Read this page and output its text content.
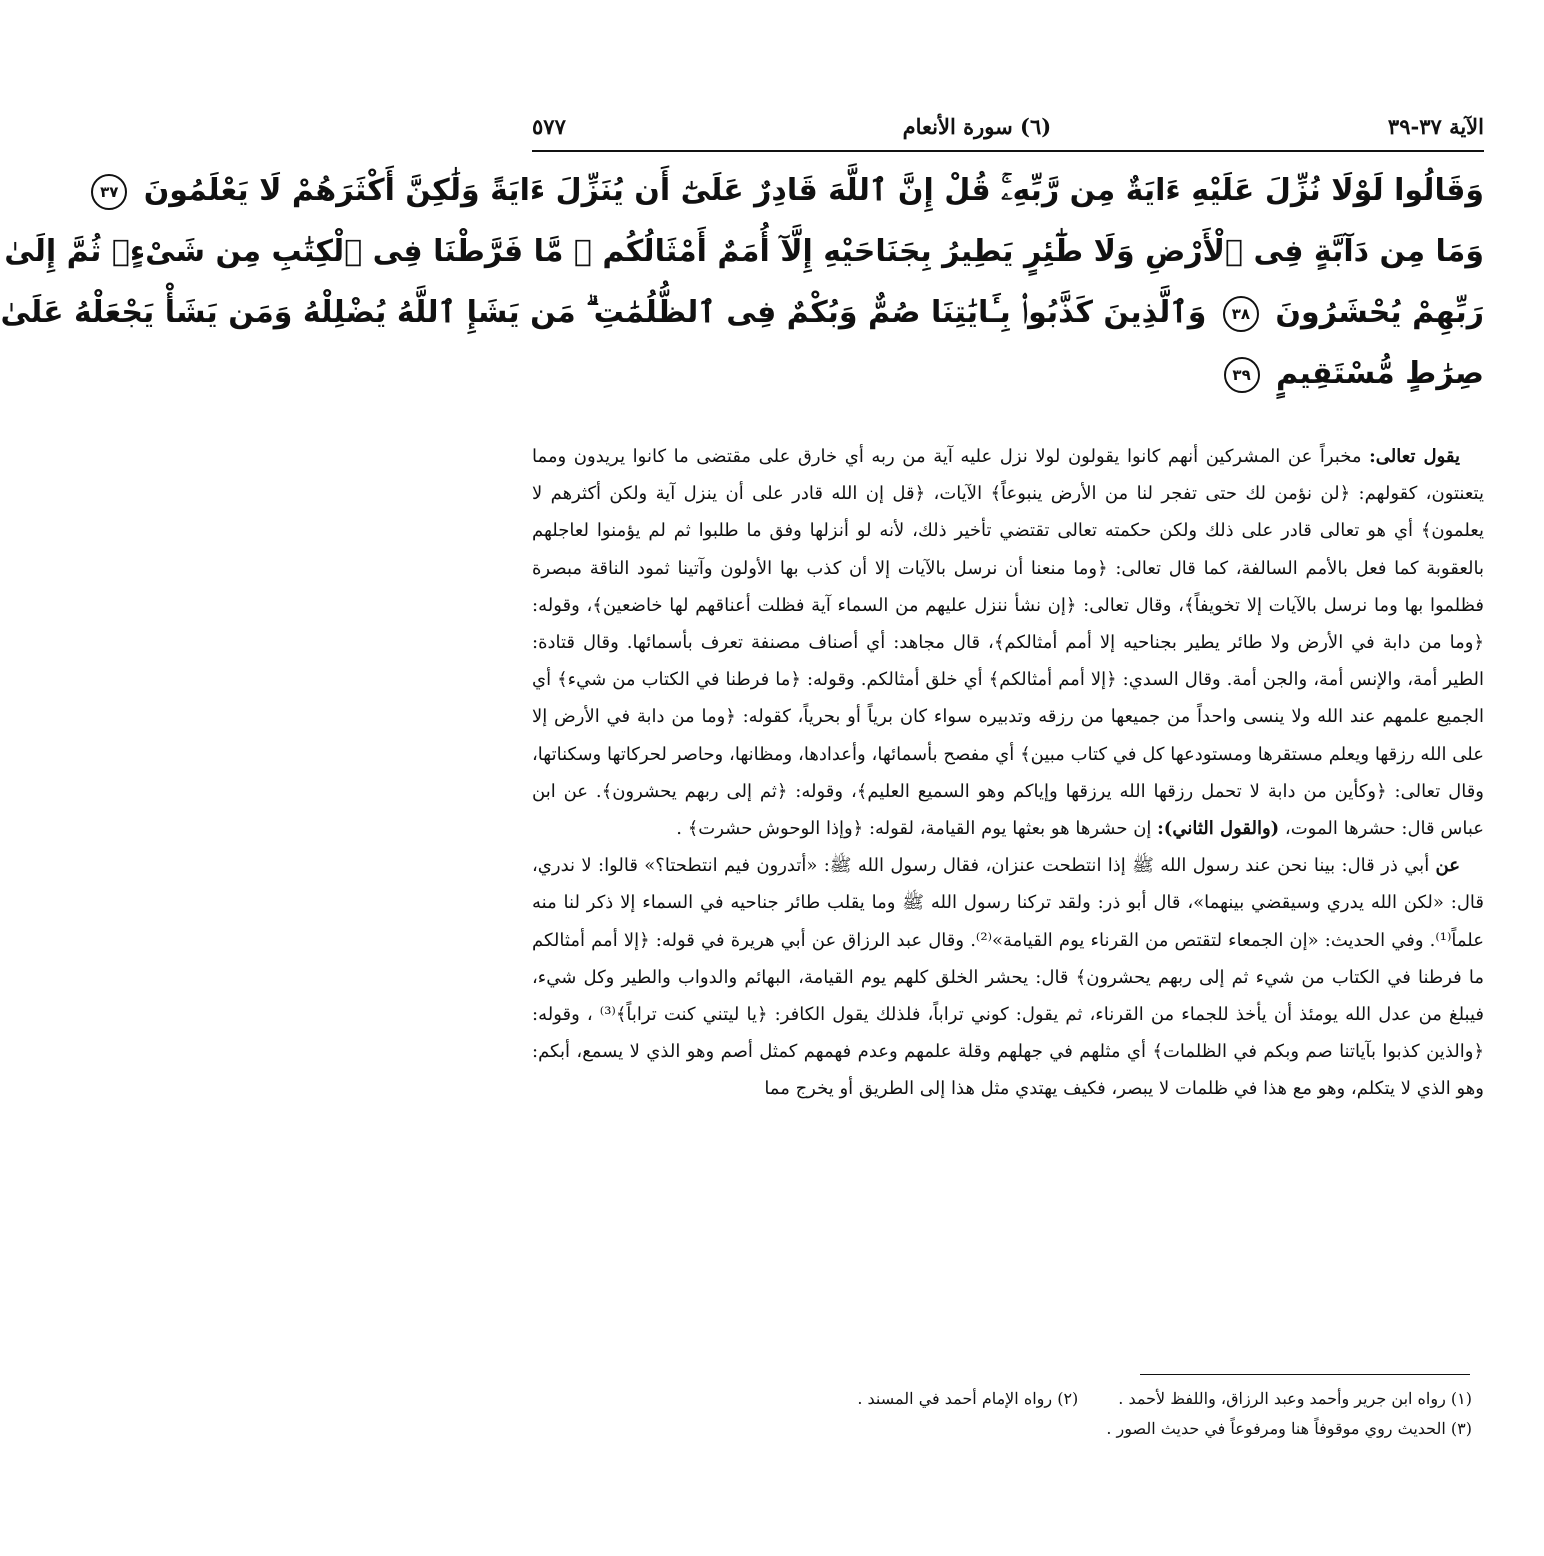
الآية ٣٧-٣٩
(٦) سورة الأنعام
٥٧٧
وَقَالُوا لَوْلَا نُزِّلَ عَلَيْهِ ءَايَةٌ مِن رَّبِّهِۦۚ قُلْ إِنَّ ٱللَّهَ قَادِرٌ عَلَىٰٓ أَن يُنَزِّلَ ءَايَةً وَلَٰكِنَّ أَكْثَرَهُمْ لَا يَعْلَمُونَ ٣٧
وَمَا مِن دَآبَّةٍ فِى ٱلْأَرْضِ وَلَا طَٰٓئِرٍ يَطِيرُ بِجَنَاحَيْهِ إِلَّآ أُمَمٌ أَمْثَالُكُم ۚ مَّا فَرَّطْنَا فِى ٱلْكِتَٰبِ مِن شَىْءٍۚ ثُمَّ إِلَىٰ
رَبِّهِمْ يُحْشَرُونَ ٣٨ وَٱلَّذِينَ كَذَّبُوا۟ بِـَٔايَٰتِنَا صُمٌّ وَبُكْمٌ فِى ٱلظُّلُمَٰتِ ۗ مَن يَشَإِ ٱللَّهُ يُضْلِلْهُ وَمَن يَشَأْ يَجْعَلْهُ عَلَىٰ
صِرَٰطٍ مُّسْتَقِيمٍ ٣٩

يقول تعالى: مخبراً عن المشركين أنهم كانوا يقولون لولا نزل عليه آية من ربه أي خارق على مقتضى ما كانوا يريدون ومما يتعنتون، كقولهم: ﴿لن نؤمن لك حتى تفجر لنا من الأرض ينبوعاً﴾ الآيات، ﴿قل إن الله قادر على أن ينزل آية ولكن أكثرهم لا يعلمون﴾ أي هو تعالى قادر على ذلك ولكن حكمته تعالى تقتضي تأخير ذلك، لأنه لو أنزلها وفق ما طلبوا ثم لم يؤمنوا لعاجلهم بالعقوبة كما فعل بالأمم السالفة، كما قال تعالى: ﴿وما منعنا أن نرسل بالآيات إلا أن كذب بها الأولون وآتينا ثمود الناقة مبصرة فظلموا بها وما نرسل بالآيات إلا تخويفاً﴾، وقال تعالى: ﴿إن نشأ ننزل عليهم من السماء آية فظلت أعناقهم لها خاضعين﴾، وقوله: ﴿وما من دابة في الأرض ولا طائر يطير بجناحيه إلا أمم أمثالكم﴾، قال مجاهد: أي أصناف مصنفة تعرف بأسمائها. وقال قتادة: الطير أمة، والإنس أمة، والجن أمة. وقال السدي: ﴿إلا أمم أمثالكم﴾ أي خلق أمثالكم. وقوله: ﴿ما فرطنا في الكتاب من شيء﴾ أي الجميع علمهم عند الله ولا ينسى واحداً من جميعها من رزقه وتدبيره سواء كان برياً أو بحرياً، كقوله: ﴿وما من دابة في الأرض إلا على الله رزقها ويعلم مستقرها ومستودعها كل في كتاب مبين﴾ أي مفصح بأسمائها، وأعدادها، ومظانها، وحاصر لحركاتها وسكناتها، وقال تعالى: ﴿وكأين من دابة لا تحمل رزقها الله يرزقها وإياكم وهو السميع العليم﴾، وقوله: ﴿ثم إلى ربهم يحشرون﴾. عن ابن عباس قال: حشرها الموت، (والقول الثاني): إن حشرها هو بعثها يوم القيامة، لقوله: ﴿وإذا الوحوش حشرت﴾ .

عن أبي ذر قال: بينا نحن عند رسول الله ﷺ إذا انتطحت عنزان، فقال رسول الله ﷺ: «أتدرون فيم انتطحتا؟» قالوا: لا ندري، قال: «لكن الله يدري وسيقضي بينهما»، قال أبو ذر: ولقد تركنا رسول الله ﷺ وما يقلب طائر جناحيه في السماء إلا ذكر لنا منه علماً⁽¹⁾. وفي الحديث: «إن الجمعاء لتقتص من القرناء يوم القيامة»⁽²⁾. وقال عبد الرزاق عن أبي هريرة في قوله: ﴿إلا أمم أمثالكم ما فرطنا في الكتاب من شيء ثم إلى ربهم يحشرون﴾ قال: يحشر الخلق كلهم يوم القيامة، البهائم والدواب والطير وكل شيء، فيبلغ من عدل الله يومئذ أن يأخذ للجماء من القرناء، ثم يقول: كوني تراباً، فلذلك يقول الكافر: ﴿يا ليتني كنت تراباً﴾⁽³⁾ ، وقوله: ﴿والذين كذبوا بآياتنا صم وبكم في الظلمات﴾ أي مثلهم في جهلهم وقلة علمهم وعدم فهمهم كمثل أصم وهو الذي لا يسمع، أبكم: وهو الذي لا يتكلم، وهو مع هذا في ظلمات لا يبصر، فكيف يهتدي مثل هذا إلى الطريق أو يخرج مما

(١) رواه ابن جرير وأحمد وعبد الرزاق، واللفظ لأحمد .
(٢) رواه الإمام أحمد في المسند .
(٣) الحديث روي موقوفاً هنا ومرفوعاً في حديث الصور .
